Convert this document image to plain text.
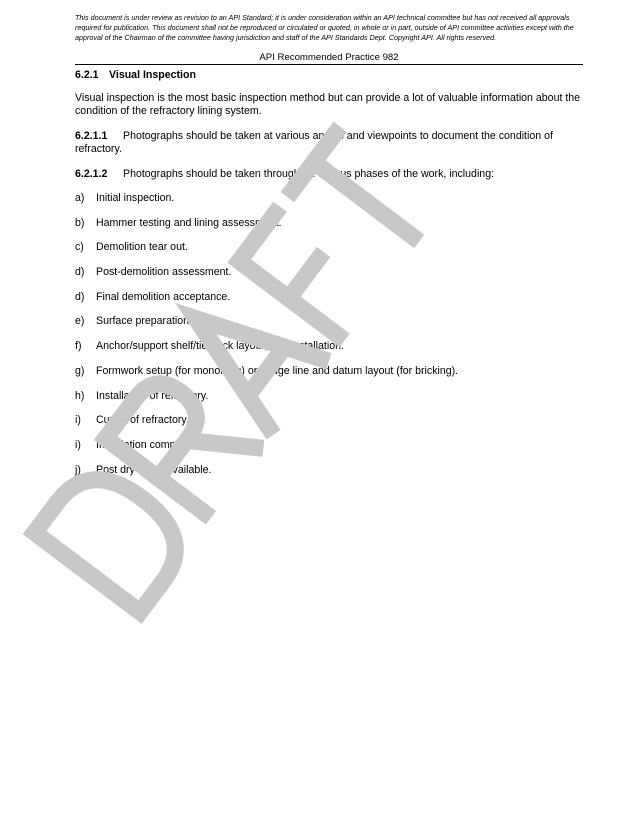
This document is under review as revision to an API Standard; it is under consideration within an API technical committee but has not received all approvals required for publication. This document shall not be reproduced or circulated or quoted, in whole or in part, outside of API committee activities except with the approval of the Chairman of the committee having jurisdiction and staff of the API Standards Dept. Copyright API. All rights reserved.
API Recommended Practice 982
6.2.1 Visual Inspection

Visual inspection is the most basic inspection method but can provide a lot of valuable information about the condition of the refractory lining system.

6.2.1.1 Photographs should be taken at various angles and viewpoints to document the condition of refractory.

6.2.1.2 Photographs should be taken throughout various phases of the work, including:

a)	Initial inspection.
b)	Hammer testing and lining assessment.
c)	Demolition tear out.
d)	Post-demolition assessment.
d)	Final demolition acceptance.
e)	Surface preparation.
f)	Anchor/support shelf/tie-back layout, and installation.
g)	Formwork setup (for monolithic) or gauge line and datum layout (for bricking).
h)	Installation of refractory.
i)	Curing of refractory.
i)	Installation complete.
j)	Post dry out, if available.
